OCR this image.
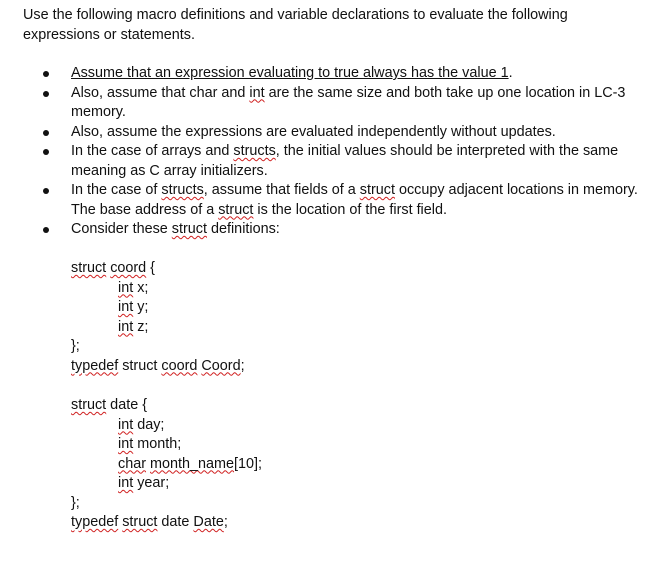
Use the following macro definitions and variable declarations to evaluate the following expressions or statements.
Assume that an expression evaluating to true always has the value 1.
Also, assume that char and int are the same size and both take up one location in LC-3 memory.
Also, assume the expressions are evaluated independently without updates.
In the case of arrays and structs, the initial values should be interpreted with the same meaning as C array initializers.
In the case of structs, assume that fields of a struct occupy adjacent locations in memory. The base address of a struct is the location of the first field.
Consider these struct definitions:
struct coord {
int x;
int y;
int z;
};
typedef struct coord Coord;
struct date {
int day;
int month;
char month_name[10];
int year;
};
typedef struct date Date;
